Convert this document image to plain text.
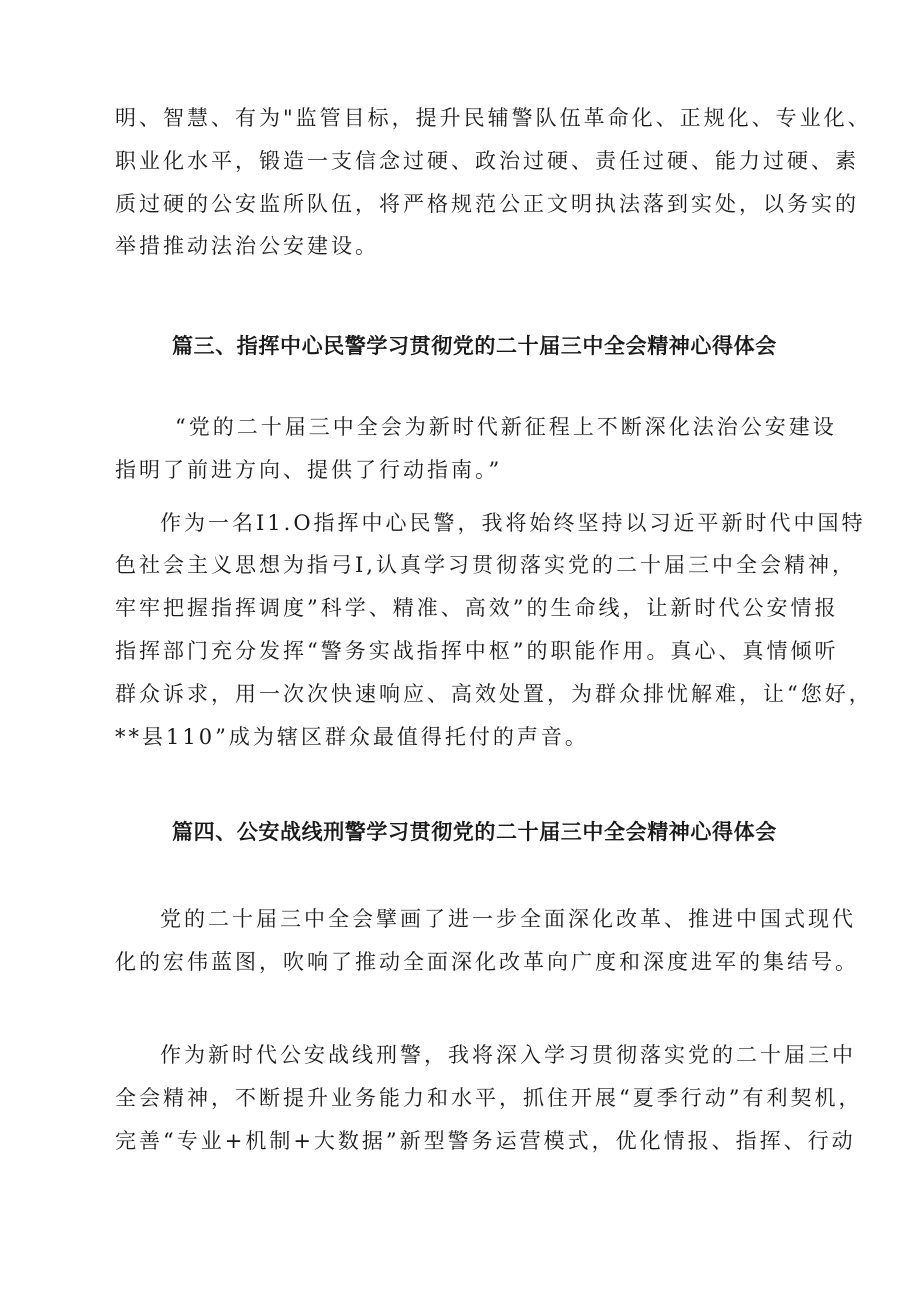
明、智慧、有为"监管目标，提升民辅警队伍革命化、正规化、专业化、
职业化水平，锻造一支信念过硬、政治过硬、责任过硬、能力过硬、素
质过硬的公安监所队伍，将严格规范公正文明执法落到实处，以务实的
举措推动法治公安建设。
篇三、指挥中心民警学习贯彻党的二十届三中全会精神心得体会
“党的二十届三中全会为新时代新征程上不断深化法治公安建设
指明了前进方向、提供了行动指南。”
作为一名I1.O指挥中心民警，我将始终坚持以习近平新时代中国特
色社会主义思想为指弓I,认真学习贯彻落实党的二十届三中全会精神，
牢牢把握指挥调度”科学、精准、高效”的生命线，让新时代公安情报
指挥部门充分发挥“警务实战指挥中枢”的职能作用。真心、真情倾听
群众诉求，用一次次快速响应、高效处置，为群众排忧解难，让“您好，
**县110”成为辖区群众最值得托付的声音。
篇四、公安战线刑警学习贯彻党的二十届三中全会精神心得体会
党的二十届三中全会擘画了进一步全面深化改革、推进中国式现代
化的宏伟蓝图，吹响了推动全面深化改革向广度和深度进军的集结号。
作为新时代公安战线刑警，我将深入学习贯彻落实党的二十届三中
全会精神，不断提升业务能力和水平，抓住开展“夏季行动”有利契机，
完善“专业+机制+大数据”新型警务运营模式，优化情报、指挥、行动
